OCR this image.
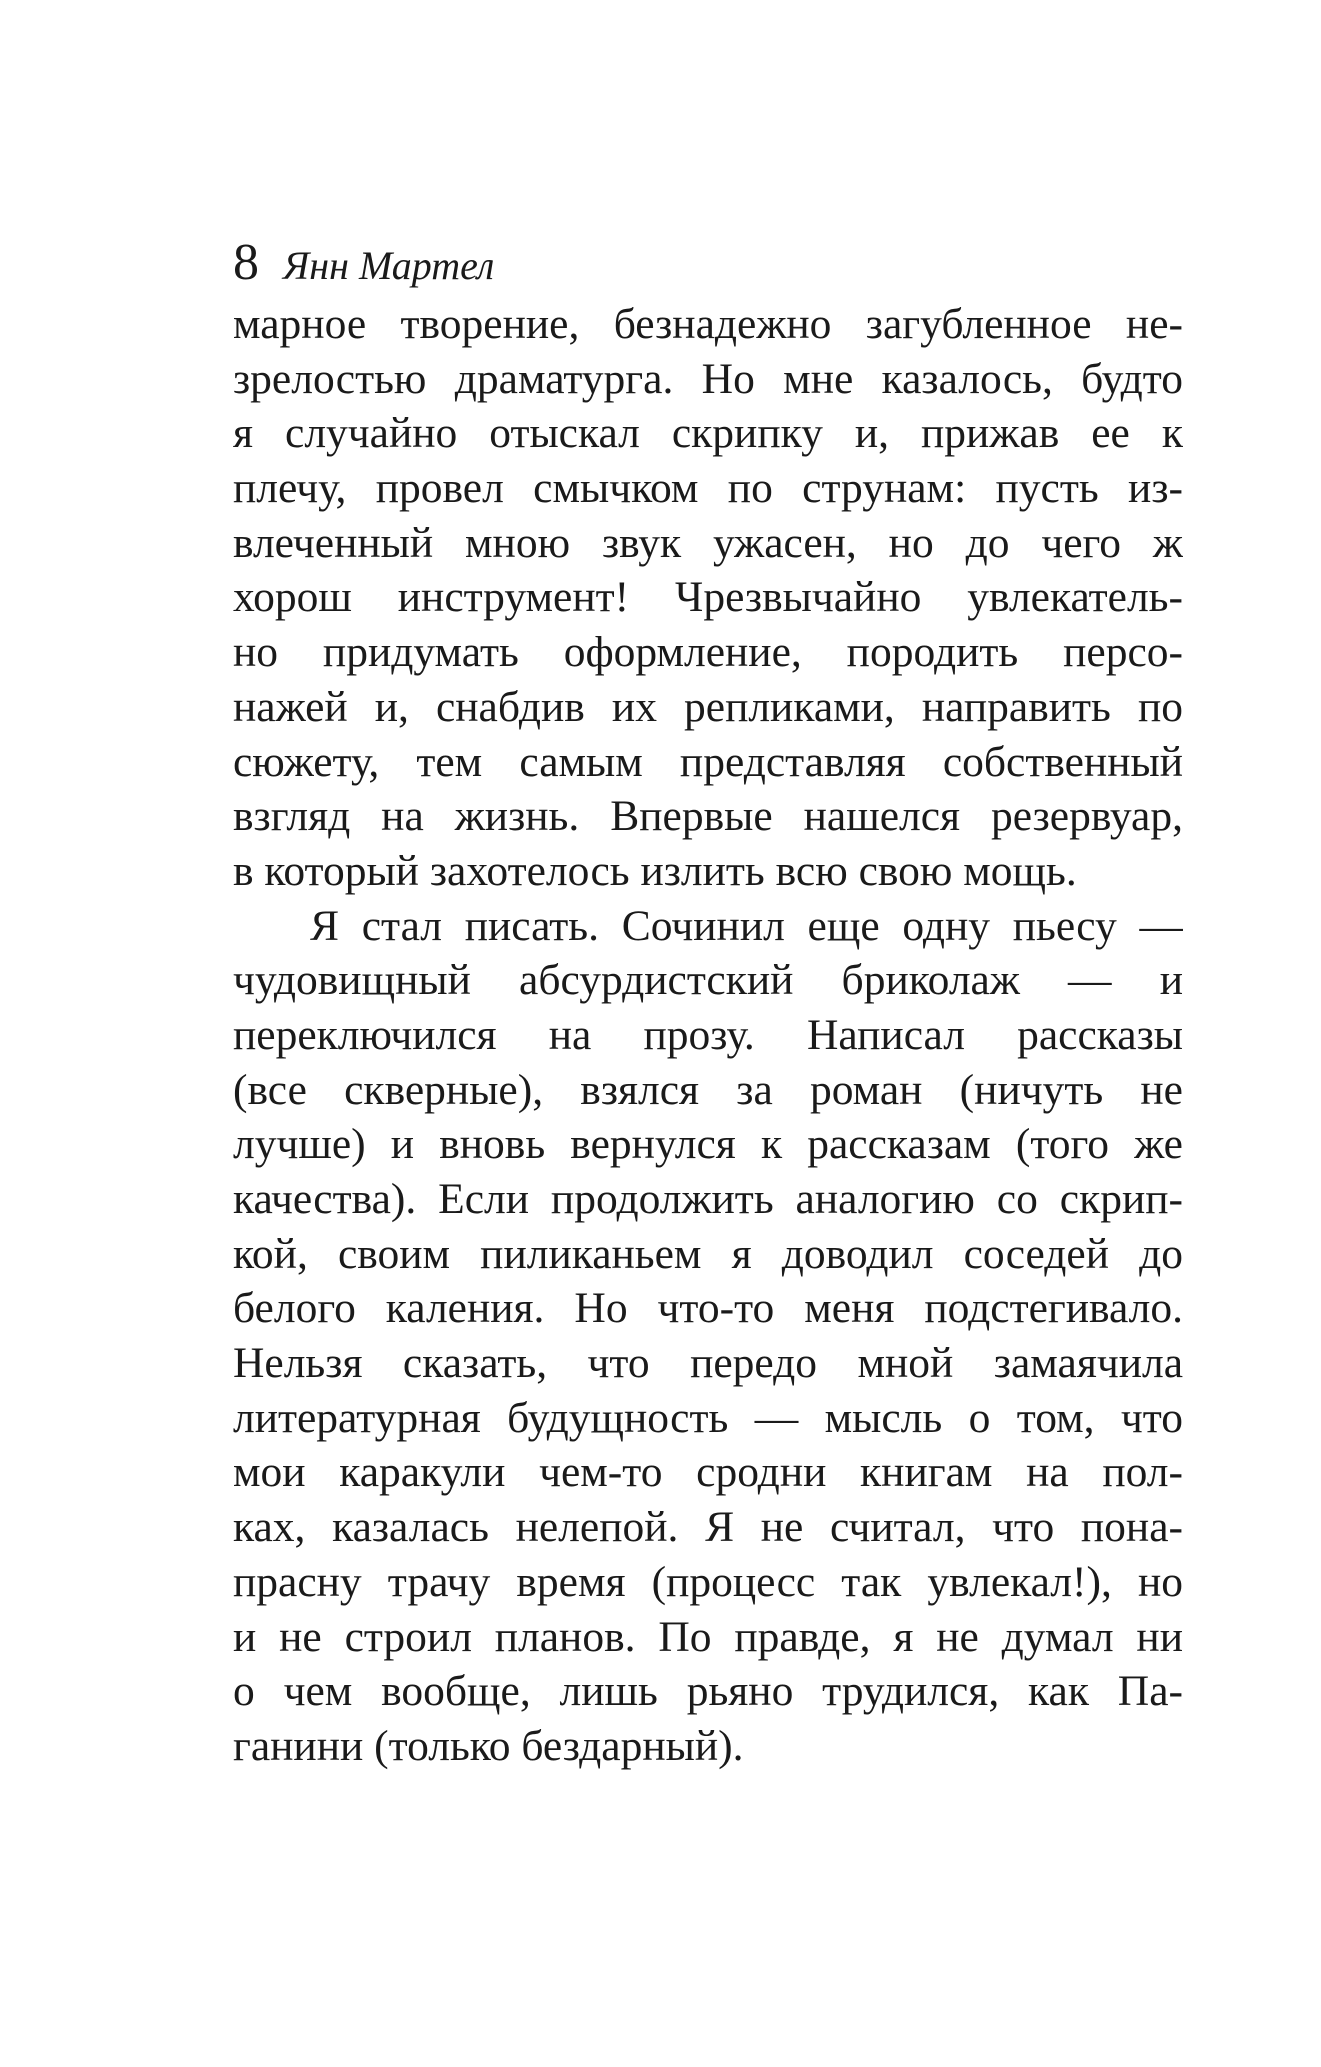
8 Янн Мартел
марное творение, безнадежно загубленное не-
зрелостью драматурга. Но мне казалось, будто
я случайно отыскал скрипку и, прижав ее к
плечу, провел смычком по струнам: пусть из-
влеченный мною звук ужасен, но до чего ж
хорош инструмент! Чрезвычайно увлекатель-
но придумать оформление, породить персо-
нажей и, снабдив их репликами, направить по
сюжету, тем самым представляя собственный
взгляд на жизнь. Впервые нашелся резервуар,
в который захотелось излить всю свою мощь.
Я стал писать. Сочинил еще одну пьесу —
чудовищный абсурдистский бриколаж — и
переключился на прозу. Написал рассказы
(все скверные), взялся за роман (ничуть не
лучше) и вновь вернулся к рассказам (того же
качества). Если продолжить аналогию со скрип-
кой, своим пиликаньем я доводил соседей до
белого каления. Но что-то меня подстегивало.
Нельзя сказать, что передо мной замаячила
литературная будущность — мысль о том, что
мои каракули чем-то сродни книгам на пол-
ках, казалась нелепой. Я не считал, что пона-
прасну трачу время (процесс так увлекал!), но
и не строил планов. По правде, я не думал ни
о чем вообще, лишь рьяно трудился, как Па-
ганини (только бездарный).
